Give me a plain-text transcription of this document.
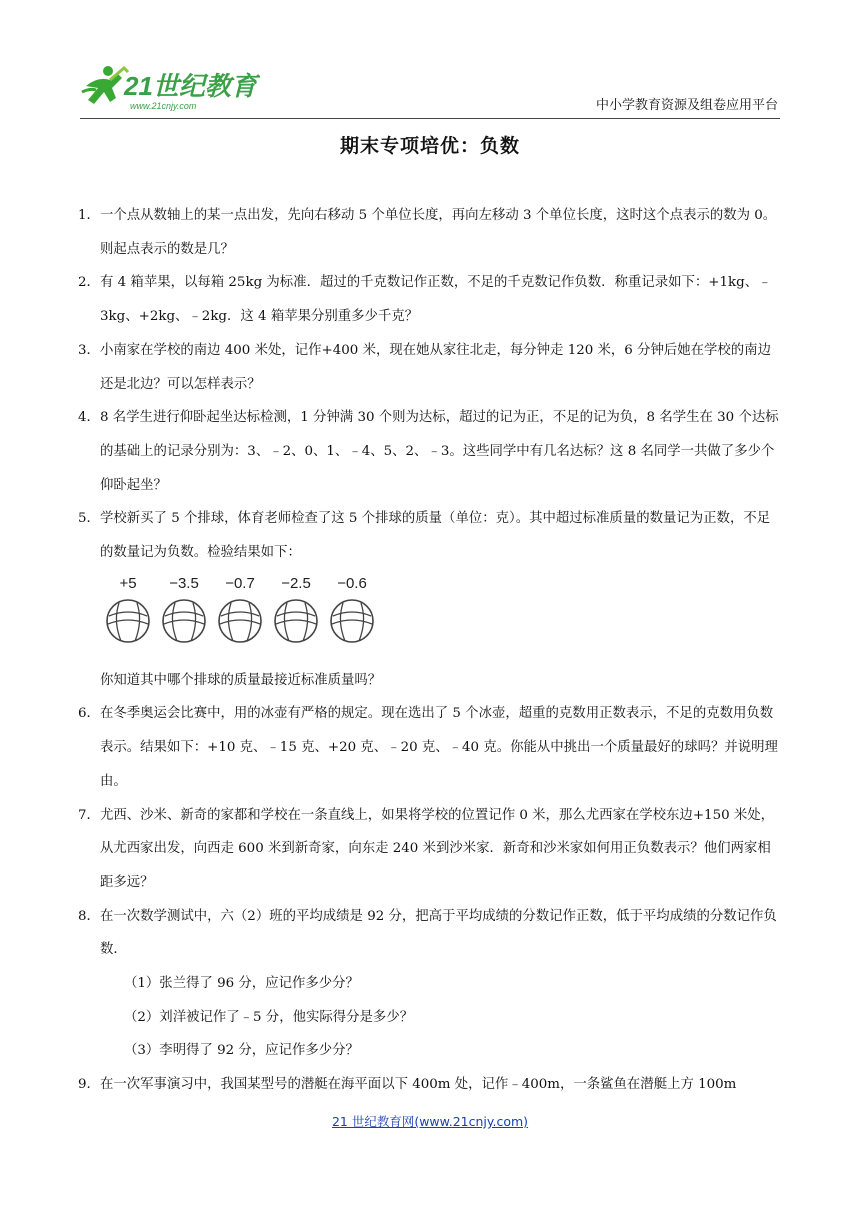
21世纪教育
www.21cnjy.com	中小学教育资源及组卷应用平台
期末专项培优：负数
1． 一个点从数轴上的某一点出发，先向右移动 5 个单位长度，再向左移动 3 个单位长度，这时这个点表示的数为 0。则起点表示的数是几？
2． 有 4 箱苹果，以每箱 25kg 为标准．超过的千克数记作正数，不足的千克数记作负数．称重记录如下：+1kg、﹣3kg、+2kg、﹣2kg．这 4 箱苹果分别重多少千克？
3． 小南家在学校的南边 400 米处，记作+400 米，现在她从家往北走，每分钟走 120 米，6 分钟后她在学校的南边还是北边？可以怎样表示？
4． 8 名学生进行仰卧起坐达标检测，1 分钟满 30 个则为达标，超过的记为正，不足的记为负，8 名学生在 30 个达标的基础上的记录分别为：3、﹣2、0、1、﹣4、5、2、﹣3。这些同学中有几名达标？这 8 名同学一共做了多少个仰卧起坐？
5． 学校新买了 5 个排球，体育老师检查了这 5 个排球的质量（单位：克）。其中超过标准质量的数量记为正数，不足的数量记为负数。检验结果如下：
+5	−3.5	−0.7	−2.5	−0.6
你知道其中哪个排球的质量最接近标准质量吗？
6． 在冬季奥运会比赛中，用的冰壶有严格的规定。现在选出了 5 个冰壶，超重的克数用正数表示，不足的克数用负数表示。结果如下：+10 克、﹣15 克、+20 克、﹣20 克、﹣40 克。你能从中挑出一个质量最好的球吗？并说明理由。
7． 尤西、沙米、新奇的家都和学校在一条直线上，如果将学校的位置记作 0 米，那么尤西家在学校东边+150 米处，从尤西家出发，向西走 600 米到新奇家，向东走 240 米到沙米家．新奇和沙米家如何用正负数表示？他们两家相距多远？
8． 在一次数学测试中，六（2）班的平均成绩是 92 分，把高于平均成绩的分数记作正数，低于平均成绩的分数记作负数．
（1）张兰得了 96 分，应记作多少分？
（2）刘洋被记作了﹣5 分，他实际得分是多少？
（3）李明得了 92 分，应记作多少分？
9． 在一次军事演习中，我国某型号的潜艇在海平面以下 400m 处，记作﹣400m，一条鲨鱼在潜艇上方 100m
21 世纪教育网(www.21cnjy.com)
